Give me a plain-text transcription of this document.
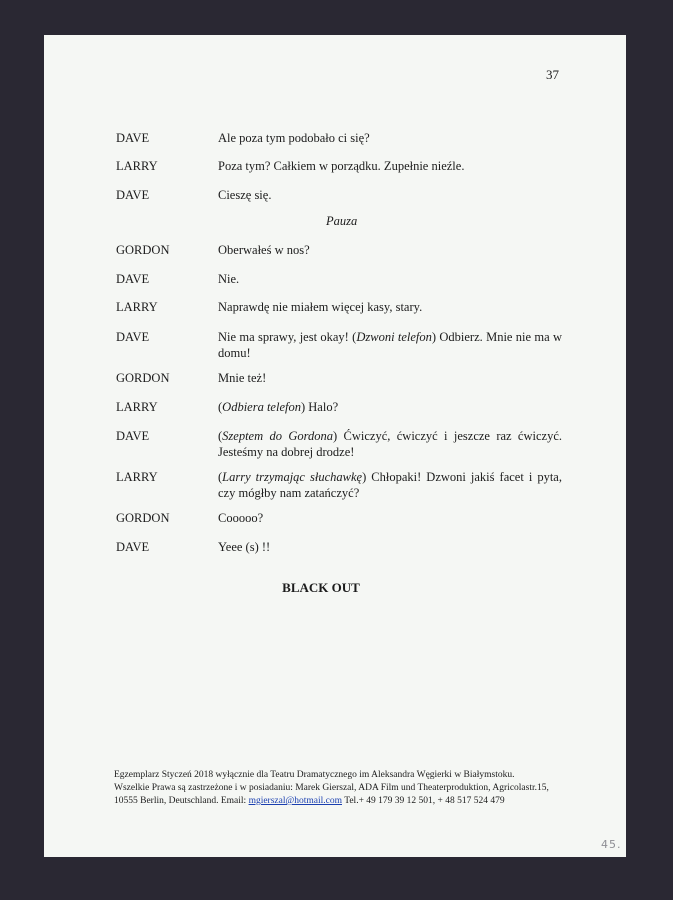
37
DAVE	Ale poza tym podobało ci się?
LARRY	Poza tym? Całkiem w porządku. Zupełnie nieźle.
DAVE	Cieszę się.
GORDON	Oberwałeś w nos?
DAVE	Nie.
LARRY	Naprawdę nie miałem więcej kasy, stary.
DAVE	Nie ma sprawy, jest okay! (Dzwoni telefon) Odbierz. Mnie nie ma w domu!
GORDON	Mnie też!
LARRY	(Odbiera telefon) Halo?
DAVE	(Szeptem do Gordona) Ćwiczyć, ćwiczyć i jeszcze raz ćwiczyć. Jesteśmy na dobrej drodze!
LARRY	(Larry trzymając słuchawkę) Chłopaki! Dzwoni jakiś facet i pyta, czy mógłby nam zatańczyć?
GORDON	Cooooo?
DAVE	Yeee (s) !!
Pauza
BLACK OUT
Egzemplarz Styczeń 2018 wyłącznie dla Teatru Dramatycznego im Aleksandra Węgierki w Białymstoku.
Wszelkie Prawa są zastrzeżone i w posiadaniu: Marek Gierszal, ADA Film und Theaterproduktion, Agricolastr.15, 10555 Berlin, Deutschland. Email: mgierszal@hotmail.com Tel.+ 49 179 39 12 501, + 48 517 524 479
45.
